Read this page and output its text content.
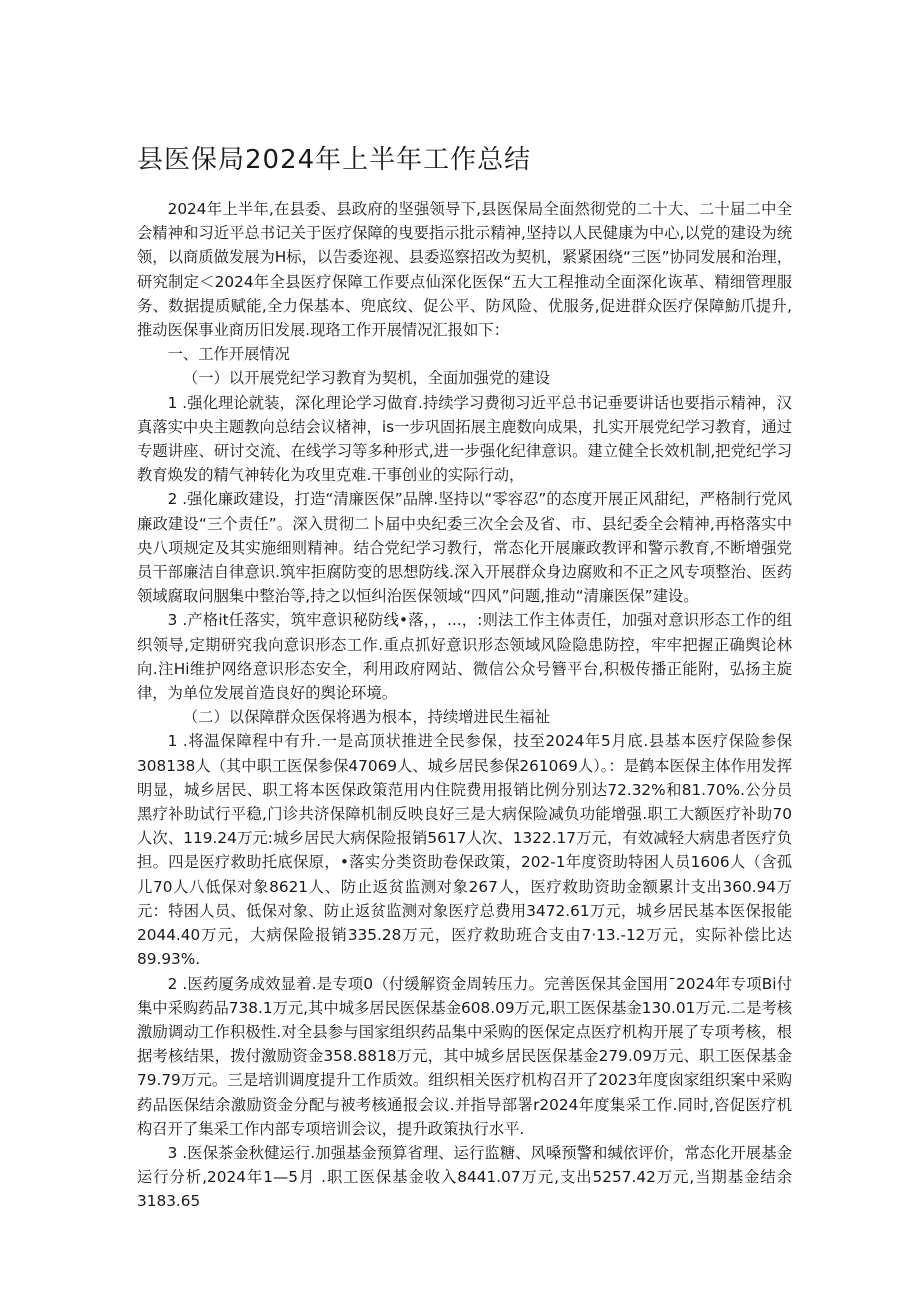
县医保局2024年上半年工作总结

2024年上半年,在县委、县政府的坚强领导下,县医保局全面然彻党的二十大、二十届二中全会精神和习近平总书记关于医疗保障的曳要指示批示精神,坚持以人民健康为中心,以党的建设为统领，以商质做发展为H标，以告委迩视、县委巡察招改为契机，紧紧困绕“三医”协同发展和治理，研究制定＜2024年全县医疗保障工作要点仙深化医保“五大工程推动全面深化诙革、精细管理服务、数据提质赋能,全力保基本、兜底纹、促公平、防风险、优服务,促进群众医疗保障魴爪提升,推动医保事业商历旧发展.现珞工作开展情况汇报如下：

一、工作开展情况

（一）以开展党纪学习教育为契机，全面加强党的建设

1 .强化理论就装，深化理论学习做育.持续学习费彻习近平总书记垂要讲话也要指示精神，汉真落实中央主题教向总结会议楮神，is一步巩固拓展主鹿数向成果，扎实开展党纪学习教育，通过专题讲座、研讨交流、在线学习等多种形式,进一步强化纪律意识。建立健全长效机制,把党纪学习教育焕发的精气神转化为攻里克难.干事创业的实际行动，

2 .强化廉政建设，打造“清廉医保”品牌.坚持以“零容忍”的态度开展正风甜纪，严格制行党风廉政建设“三个责任”。深入贯彻二卜届中央纪委三次全会及省、市、县纪委全会精神,再格落实中央八项规定及其实施细则精神。结合党纪学习教行，常态化开展廉政教评和警示教育,不断增强党员干部廉洁自律意识.筑牢拒腐防变的思想防线.深入开展群众身边腐败和不正之风专项整治、医药领域腐取问胭集中整治等,持之以恒纠治医保领域“四风”问题,推动“清廉医保”建设。

3 .产格it任落实，筑牢意识秘防线•落，，...，:则法工作主体责任，加强对意识形态工作的组织领导,定期研究我向意识形态工作.重点抓好意识形态领域风险隐患防控，牢牢把握正确舆论林向.注Hi维护网络意识形态安全，利用政府网站、微信公众号簪平台,积极传播正能附，弘扬主旋律，为单位发展首造良好的舆论环境。

（二）以保障群众医保将遇为根本，持续增进民生福祉

1 .将温保障程中有升.一是高顶状推进全民参保，技至2024年5月底.县基本医疗保险参保308138人（其中职工医保参保47069人、城乡居民参保261069人）。：是鹤本医保主体作用发挥明显，城乡居民、职工将本医保政策范用内住院费用报销比例分别达72.32%和81.70%.公分员黑疗补助试行平稳,门诊共济保障机制反映良好三是大病保险减负功能增强.职工大额医疗补助70人次、119.24万元:城乡居民大病保险报销5617人次、1322.17万元，有效减轻大病患者医疗负担。四是医疗救助托底保原，•落实分类资助卷保政策，202-1年度资助特困人员1606人（含孤儿70人八低保对象8621人、防止返贫监测对象267人，医疗救助资助金额累计支出360.94万元：特困人员、低保对象、防止返贫监测对象医疗总费用3472.61万元，城乡居民基本医保报能2044.40万元，大病保险报销335.28万元，医疗救助班合支由7·13.-12万元，实际补偿比达89.93%.

2 .医药厦务成效显着.是专项0（付缓解资金周转压力。完善医保其金国用¯2024年专项Bi付集中采购药品738.1万元,其中城多居民医保基金608.09万元,职工医保基金130.01万元.二是考核激励调动工作积极性.对全县参与国家组织药品集中采购的医保定点医疗机构开展了专项考核，根据考核结果，拨付激励资金358.8818万元，其中城乡居民医保基金279.09万元、职工医保基金79.79万元。三是培训调度提升工作质效。组织相关医疗机构召开了2023年度囱家组织案中采购药品医保结余激励资金分配与被考核通报会议.并指导部署r2024年度集采工作.同时,咨促医疗机构召开了集采工作内部专项培训会议，提升政策执行水平.

3 .医保茶金秋健运行.加强基金预算省理、运行监糖、风嗓预警和缄依评价，常态化开展基金运行分析,2024年1—5月 .职工医保基金收入8441.07万元,支出5257.42万元,当期基金结余3183.65
